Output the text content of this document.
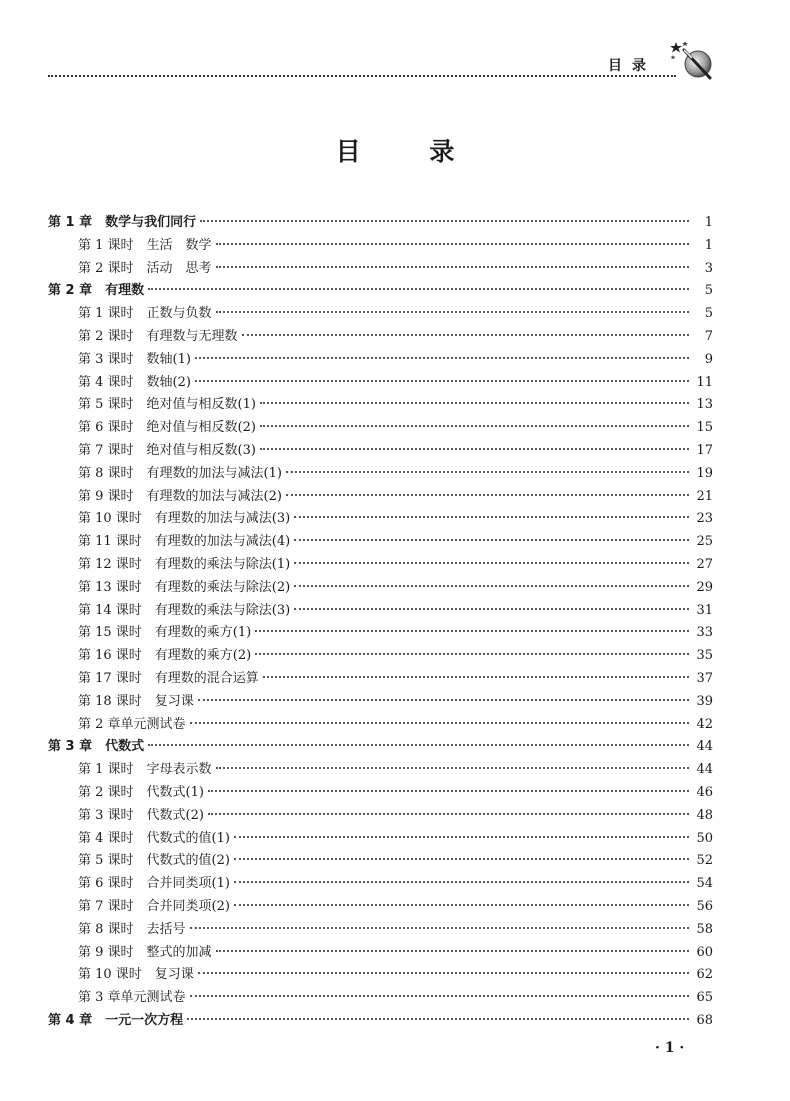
目录
目 录
第 1 章　数学与我们同行	1
第 1 课时　生活　数学	1
第 2 课时　活动　思考	3
第 2 章　有理数	5
第 1 课时　正数与负数	5
第 2 课时　有理数与无理数	7
第 3 课时　数轴(1)	9
第 4 课时　数轴(2)	11
第 5 课时　绝对值与相反数(1)	13
第 6 课时　绝对值与相反数(2)	15
第 7 课时　绝对值与相反数(3)	17
第 8 课时　有理数的加法与减法(1)	19
第 9 课时　有理数的加法与减法(2)	21
第 10 课时　有理数的加法与减法(3)	23
第 11 课时　有理数的加法与减法(4)	25
第 12 课时　有理数的乘法与除法(1)	27
第 13 课时　有理数的乘法与除法(2)	29
第 14 课时　有理数的乘法与除法(3)	31
第 15 课时　有理数的乘方(1)	33
第 16 课时　有理数的乘方(2)	35
第 17 课时　有理数的混合运算	37
第 18 课时　复习课	39
第 2 章单元测试卷	42
第 3 章　代数式	44
第 1 课时　字母表示数	44
第 2 课时　代数式(1)	46
第 3 课时　代数式(2)	48
第 4 课时　代数式的值(1)	50
第 5 课时　代数式的值(2)	52
第 6 课时　合并同类项(1)	54
第 7 课时　合并同类项(2)	56
第 8 课时　去括号	58
第 9 课时　整式的加减	60
第 10 课时　复习课	62
第 3 章单元测试卷	65
第 4 章　一元一次方程	68
· 1 ·
